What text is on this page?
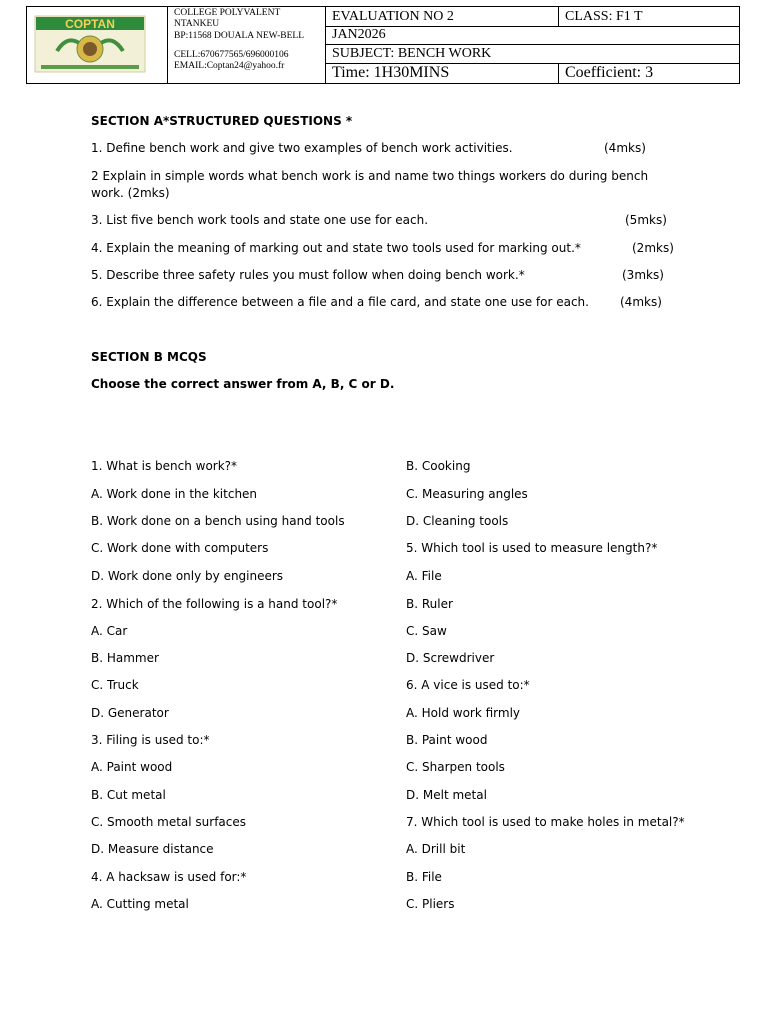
COPTAN	COLLEGE POLYVALENT
NTANKEU
BP:11568 DOUALA NEW-BELL
CELL:670677565/696000106
EMAIL:Coptan24@yahoo.fr	EVALUATION NO 2	CLASS: F1 T
		JAN2026	
		SUBJECT: BENCH WORK	
		Time: 1H30MINS	Coefficient: 3
SECTION A*STRUCTURED QUESTIONS *
1. Define bench work and give two examples of bench work activities.	(4mks)
2 Explain in simple words what bench work is and name two things workers do during bench work. (2mks)
3. List five bench work tools and state one use for each.	(5mks)
4. Explain the meaning of marking out and state two tools used for marking out.*	(2mks)
5. Describe three safety rules you must follow when doing bench work.*	(3mks)
6. Explain the difference between a file and a file card, and state one use for each.	(4mks)
SECTION B MCQS
Choose the correct answer from A, B, C or D.
1. What is bench work?*
A. Work done in the kitchen
B. Work done on a bench using hand tools
C. Work done with computers
D. Work done only by engineers
2. Which of the following is a hand tool?*
A. Car
B. Hammer
C. Truck
D. Generator
3. Filing is used to:*
A. Paint wood
B. Cut metal
C. Smooth metal surfaces
D. Measure distance
4. A hacksaw is used for:*
A. Cutting metal
B. Cooking
C. Measuring angles
D. Cleaning tools
5. Which tool is used to measure length?*
A. File
B. Ruler
C. Saw
D. Screwdriver
6. A vice is used to:*
A. Hold work firmly
B. Paint wood
C. Sharpen tools
D. Melt metal
7. Which tool is used to make holes in metal?*
A. Drill bit
B. File
C. Pliers
